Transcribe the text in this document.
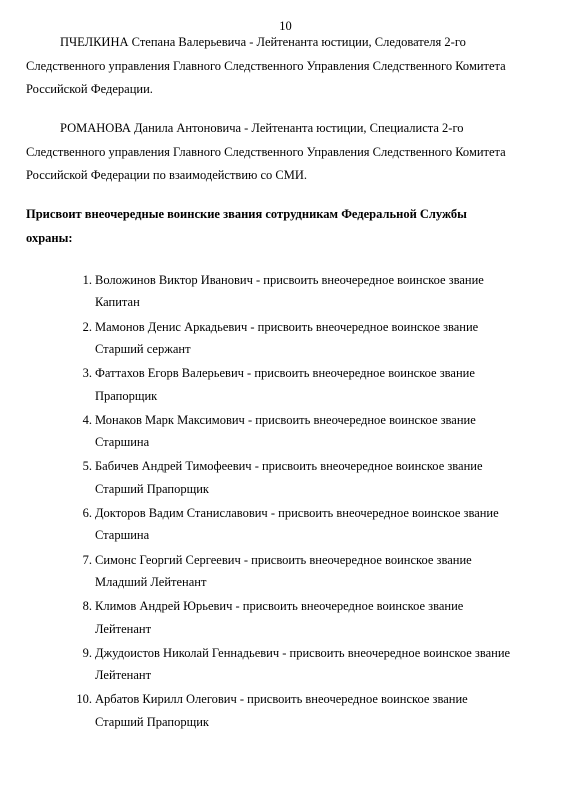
10

ПЧЕЛКИНА Степана Валерьевича - Лейтенанта юстиции, Следователя 2-го
Следственного управления Главного Следственного Управления Следственного Комитета
Российской Федерации.

РОМАНОВА Данила Антоновича - Лейтенанта юстиции, Специалиста 2-го
Следственного управления Главного Следственного Управления Следственного Комитета
Российской Федерации по взаимодействию со СМИ.

Присвоит внеочередные воинские звания сотрудникам Федеральной Службы
охраны:

1. Воложинов Виктор Иванович - присвоить внеочередное воинское звание
Капитан
2. Мамонов Денис Аркадьевич - присвоить внеочередное воинское звание
Старший сержант
3. Фаттахов Егорв Валерьевич - присвоить внеочередное воинское звание
Прапорщик
4. Монаков Марк Максимович - присвоить внеочередное воинское звание
Старшина
5. Бабичев Андрей Тимофеевич - присвоить внеочередное воинское звание
Старший Прапорщик
6. Докторов Вадим Станиславович - присвоить внеочередное воинское звание
Старшина
7. Симонс Георгий Сергеевич - присвоить внеочередное воинское звание
Младший Лейтенант
8. Климов Андрей Юрьевич - присвоить внеочередное воинское звание
Лейтенант
9. Джудоистов Николай Геннадьевич - присвоить внеочередное воинское звание
Лейтенант
10. Арбатов Кирилл Олегович - присвоить внеочередное воинское звание
Старший Прапорщик
